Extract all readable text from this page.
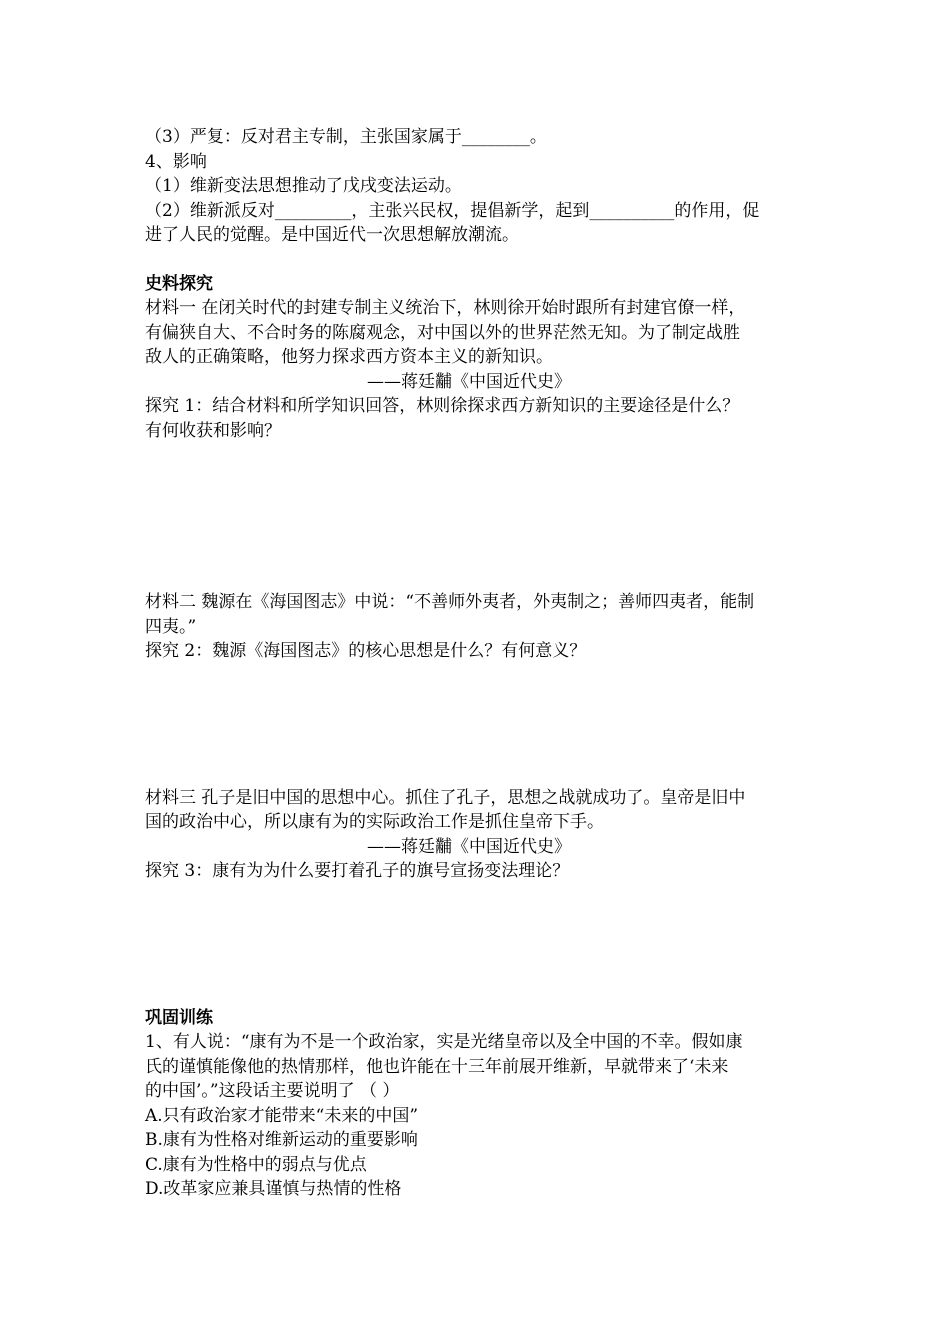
（3）严复：反对君主专制，主张国家属于________。
4、影响
（1）维新变法思想推动了戊戌变法运动。
（2）维新派反对_________，主张兴民权，提倡新学，起到__________的作用，促
进了人民的觉醒。是中国近代一次思想解放潮流。
史料探究
材料一 在闭关时代的封建专制主义统治下，林则徐开始时跟所有封建官僚一样，
有偏狭自大、不合时务的陈腐观念，对中国以外的世界茫然无知。为了制定战胜
敌人的正确策略，他努力探求西方资本主义的新知识。
——蒋廷黼《中国近代史》
探究 1：结合材料和所学知识回答，林则徐探求西方新知识的主要途径是什么？
有何收获和影响？
材料二 魏源在《海国图志》中说：“不善师外夷者，外夷制之；善师四夷者，能制
四夷。”
探究 2：魏源《海国图志》的核心思想是什么？有何意义？
材料三 孔子是旧中国的思想中心。抓住了孔子，思想之战就成功了。皇帝是旧中
国的政治中心，所以康有为的实际政治工作是抓住皇帝下手。
——蒋廷黼《中国近代史》
探究 3：康有为为什么要打着孔子的旗号宣扬变法理论？
巩固训练
1、有人说：“康有为不是一个政治家，实是光绪皇帝以及全中国的不幸。假如康
氏的谨慎能像他的热情那样，他也许能在十三年前展开维新，早就带来了‘未来
的中国’。”这段话主要说明了 （ ）
A.只有政治家才能带来“未来的中国”
B.康有为性格对维新运动的重要影响
C.康有为性格中的弱点与优点
D.改革家应兼具谨慎与热情的性格
